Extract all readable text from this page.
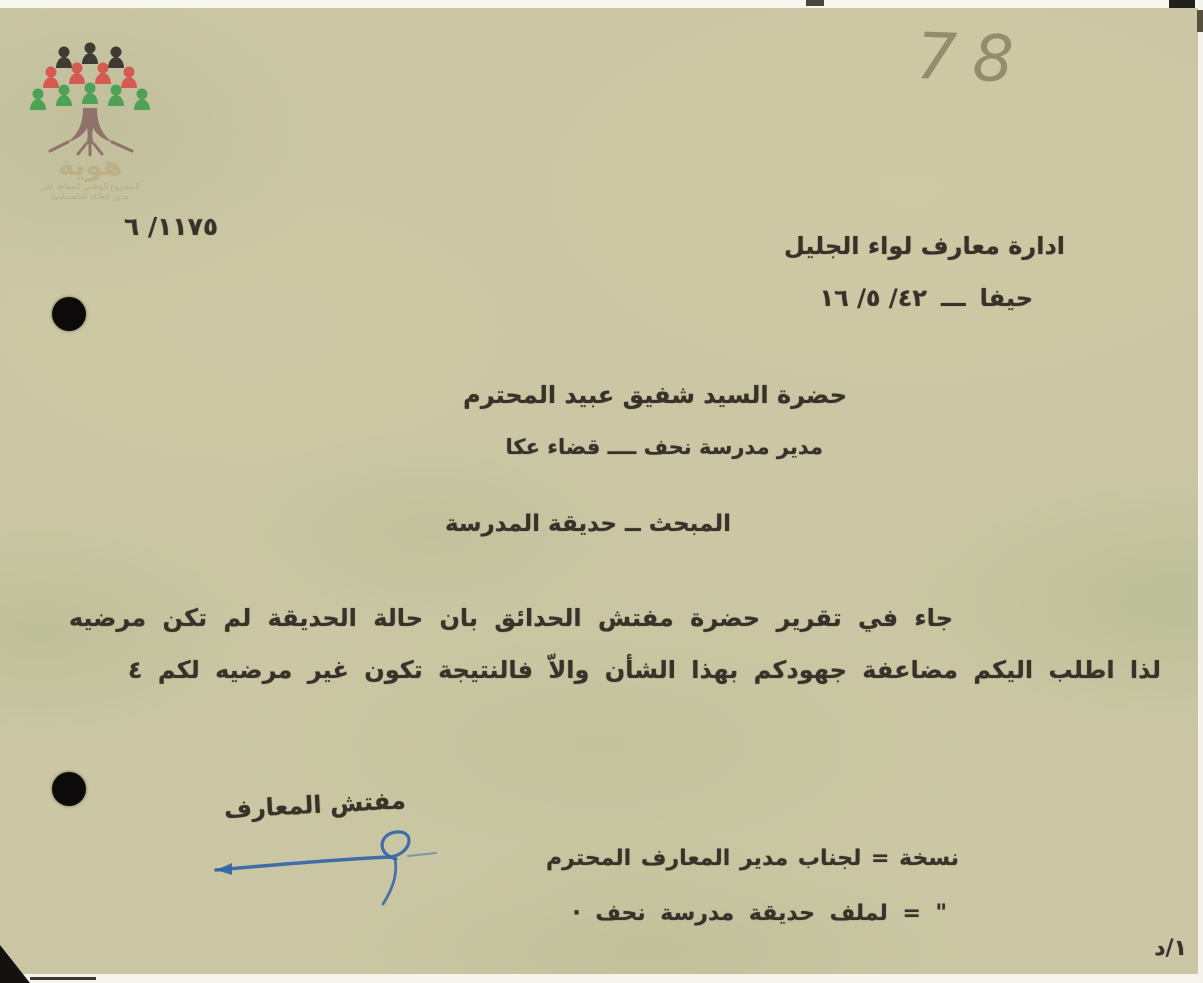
هوية
المشروع الوطني للحفاظ على
جذور العائلة الفلسطينية
78
١١٧٥/ ٦
ادارة معارف لواء الجليل
٤٢/ ٥/ ١٦ ـــ حيفا
حضرة السيد شفيق عبيد المحترم
مدير مدرسة نحف ــــ قضاء عكا
المبحث ــ حديقة المدرسة
جاء في تقرير حضرة مفتش الحدائق بان حالة الحديقة لم تكن مرضيه
لذا اطلب اليكم مضاعفة جهودكم بهذا الشأن والاّ فالنتيجة تكون غير مرضيه لكم ٤
مفتش المعارف
نسخة = لجناب مدير المعارف المحترم
" = لملف حديقة مدرسة نحف ·
١/د
